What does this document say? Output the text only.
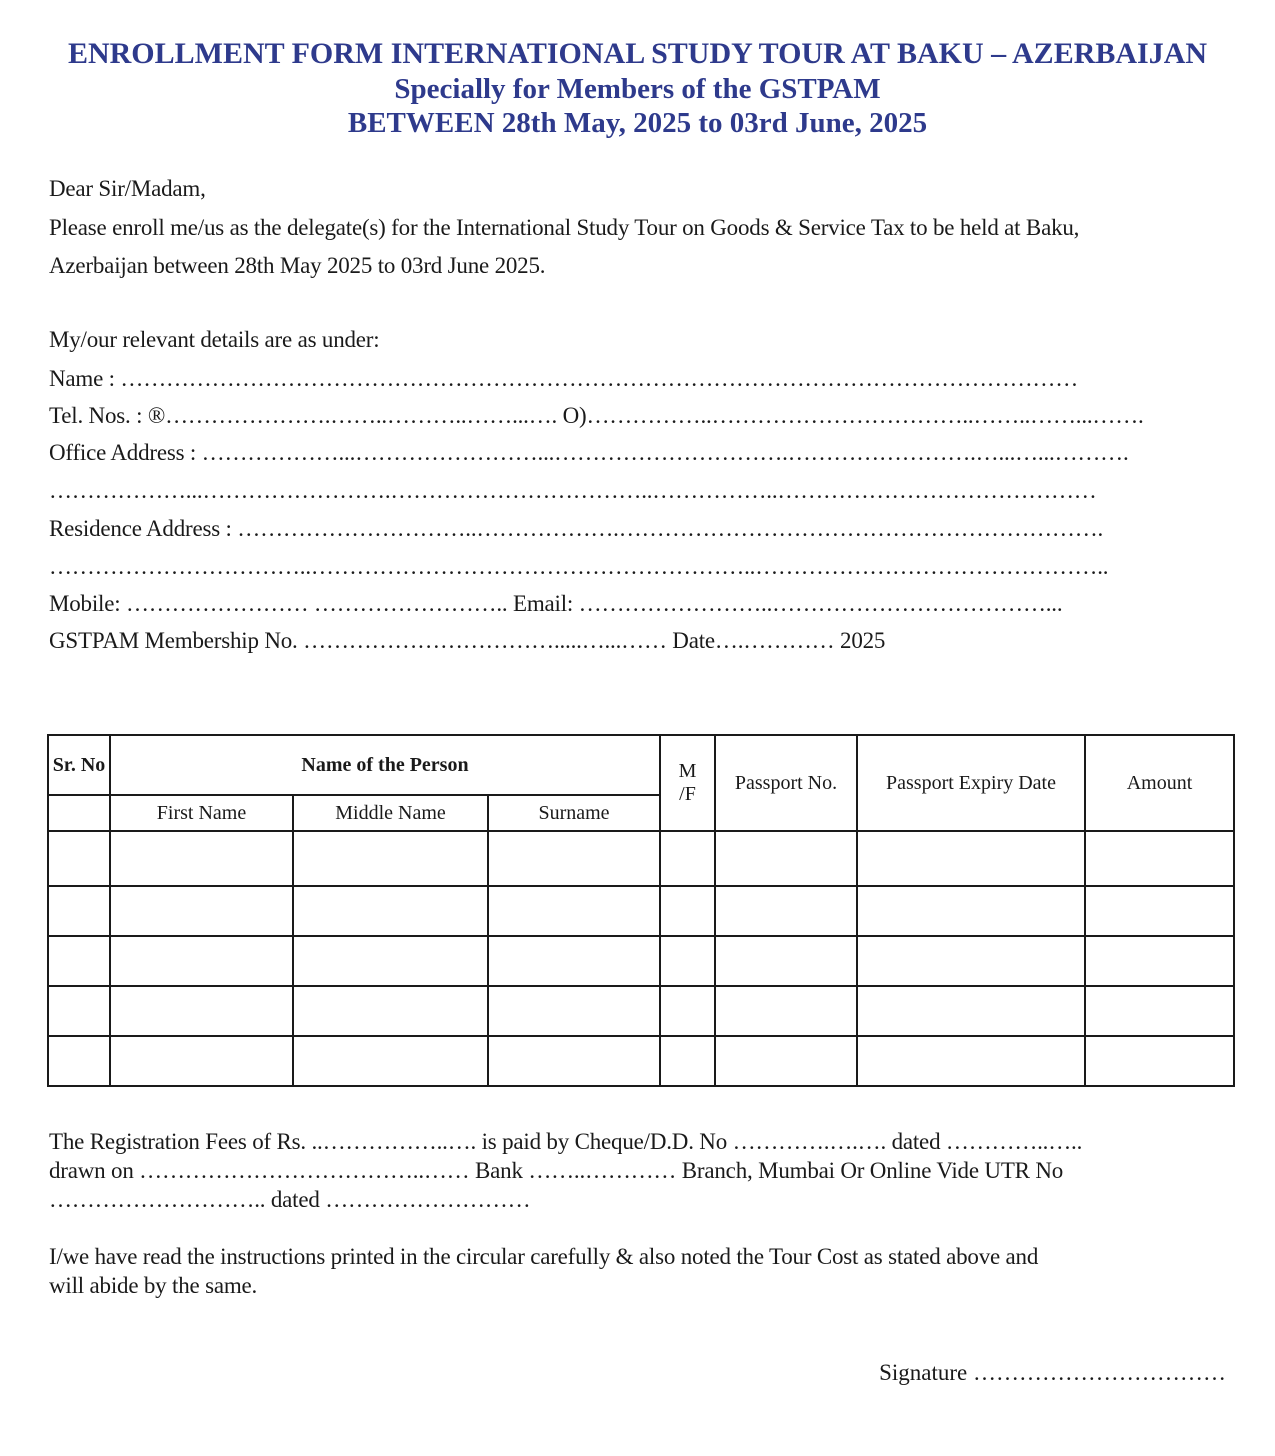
ENROLLMENT FORM INTERNATIONAL STUDY TOUR AT BAKU – AZERBAIJAN
Specially for Members of the GSTPAM
BETWEEN 28th May, 2025 to 03rd June, 2025
Dear Sir/Madam,
Please enroll me/us as the delegate(s) for the International Study Tour on Goods & Service Tax to be held at Baku,
Azerbaijan between 28th May 2025 to 03rd June 2025.
My/our relevant details are as under:
Name : ………………………………………………………………………………………………………………
Tel. Nos. : ®………………….……..………..……...…. O)……………..……………………………..……..……...…….
Office Address : ………………...……………………...………………………….…………………….…...…...……….
………………...…………………….……………………………..……………..……………………………………
Residence Address : …………………………..……………….……………………………………………………….
……………………………..…………………………………………………..………………………………………..
Mobile: …………………… …………………….. Email: ……………………..………………………………...
GSTPAM Membership No. …………………………….....…...…… Date….………… 2025
Sr. No	Name of the Person			M /F	Passport No.	Passport Expiry Date	Amount
	First Name	Middle Name	Surname				

The Registration Fees of Rs. ..……………..…. is paid by Cheque/D.D. No ………….….…. dated …………..…..
drawn on ………………………………..…… Bank ……..………… Branch, Mumbai Or Online Vide UTR No
……………………….. dated ………………………
I/we have read the instructions printed in the circular carefully & also noted the Tour Cost as stated above and
will abide by the same.
Signature ……………………………
